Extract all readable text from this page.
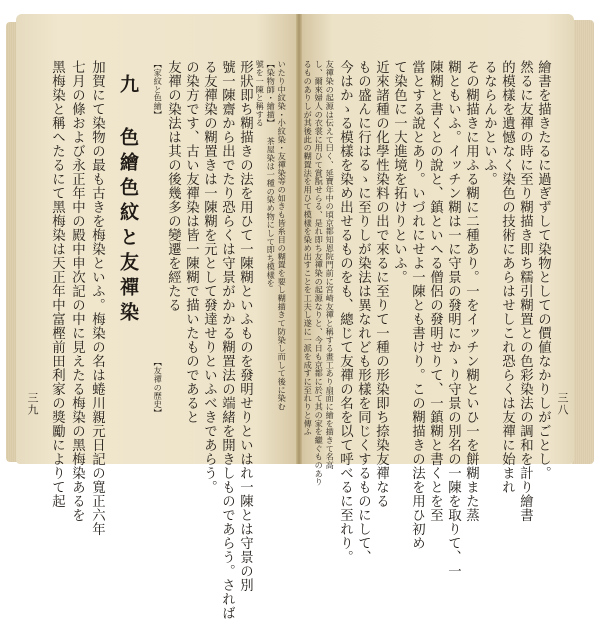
三八
繪書を描きたるに過ぎずして染物としての價値なかりしがごとし。
然るに友禪の時に至り糊描き即ち糯引糊置との色彩染法の調和を計り繪書
的模樣を遺憾なく染色の技術にあらはせしこれ恐らくは友禪に始まれ
るならんかといふ。
その糊描きに用ふる糊に二種あり。一をイッチン糊といひ一を餅糊また蒸
糊ともいふ。イッチン糊は一に守景の發明にかゝり守景の別名の一陳を取りて、一
陳糊と書くとの說と、鎮といへる僧侶の發明せりて、一鎮糊と書くとを至
當とする說とあり。いづれにせよ一陳とも書けり。この糊描きの法を用ひ初め
て染色に一大進境を拓けりといふ。
近來諸種の化學性染料の出で來るに至りて一種の形染即ち捺染友禪なる
もの盛んに行はるゝに至りしが染法は異なれども形樣を同じくするものにして、
今はかゝる模樣を染め出せるものをも、總じて友禪の名を以て呼べるに至れり。
友禪染の起源は伝えて曰く、延寶年中の頃京都知恩院門前に宮崎友禪と稱する畫工あり扇面に繪を描きて名高
し、爾來婦人の衣裳に用ひて賞翫せらる、是れ即ち友禪染の起源なりと、今日も京都に於て其の家を繼ぐものあり
るものありしが其後此の糊置法を用ひて模樣を染め出すことを工夫し遂に一派を成すに至れりと傳ふ
三九	いたり中紋染・小紋染・友禪染等の如きも皆糸目の糊置を要し糊描きて防染し而して後に染む
【染物師・繪描】 茶屋染は一種の染め物にして即ち模樣を
號を一陳と稱する
形狀即ち糊描きの法を用ひて一陳糊といふものを發明せりといはれ一陳とは守景の別
號一陳齋から出でたり恐らくは守景がかかる糊置法の端緒を開きしものであらう。されば
る友禪染の糊置きは一陳糊を元として發達せりといふべきであらう。
の染方です、古い友禪染は皆一陳糊で描いたものであると
友禪の染法は其の後幾多の變遷を經たる
【家紋と色繪】
【友禪の歷史】
九 色繪色紋と友禪染
加賀にて染物の最も古きを梅染といふ。梅染の名は蜷川親元日記の寬正六年
七月の條および永正年中の殿中申次記の中に見えたる梅染の黑梅染あるを
黑梅染と稱へたるにて黑梅染は天正年中富樫前田利家の獎勵によりて起
